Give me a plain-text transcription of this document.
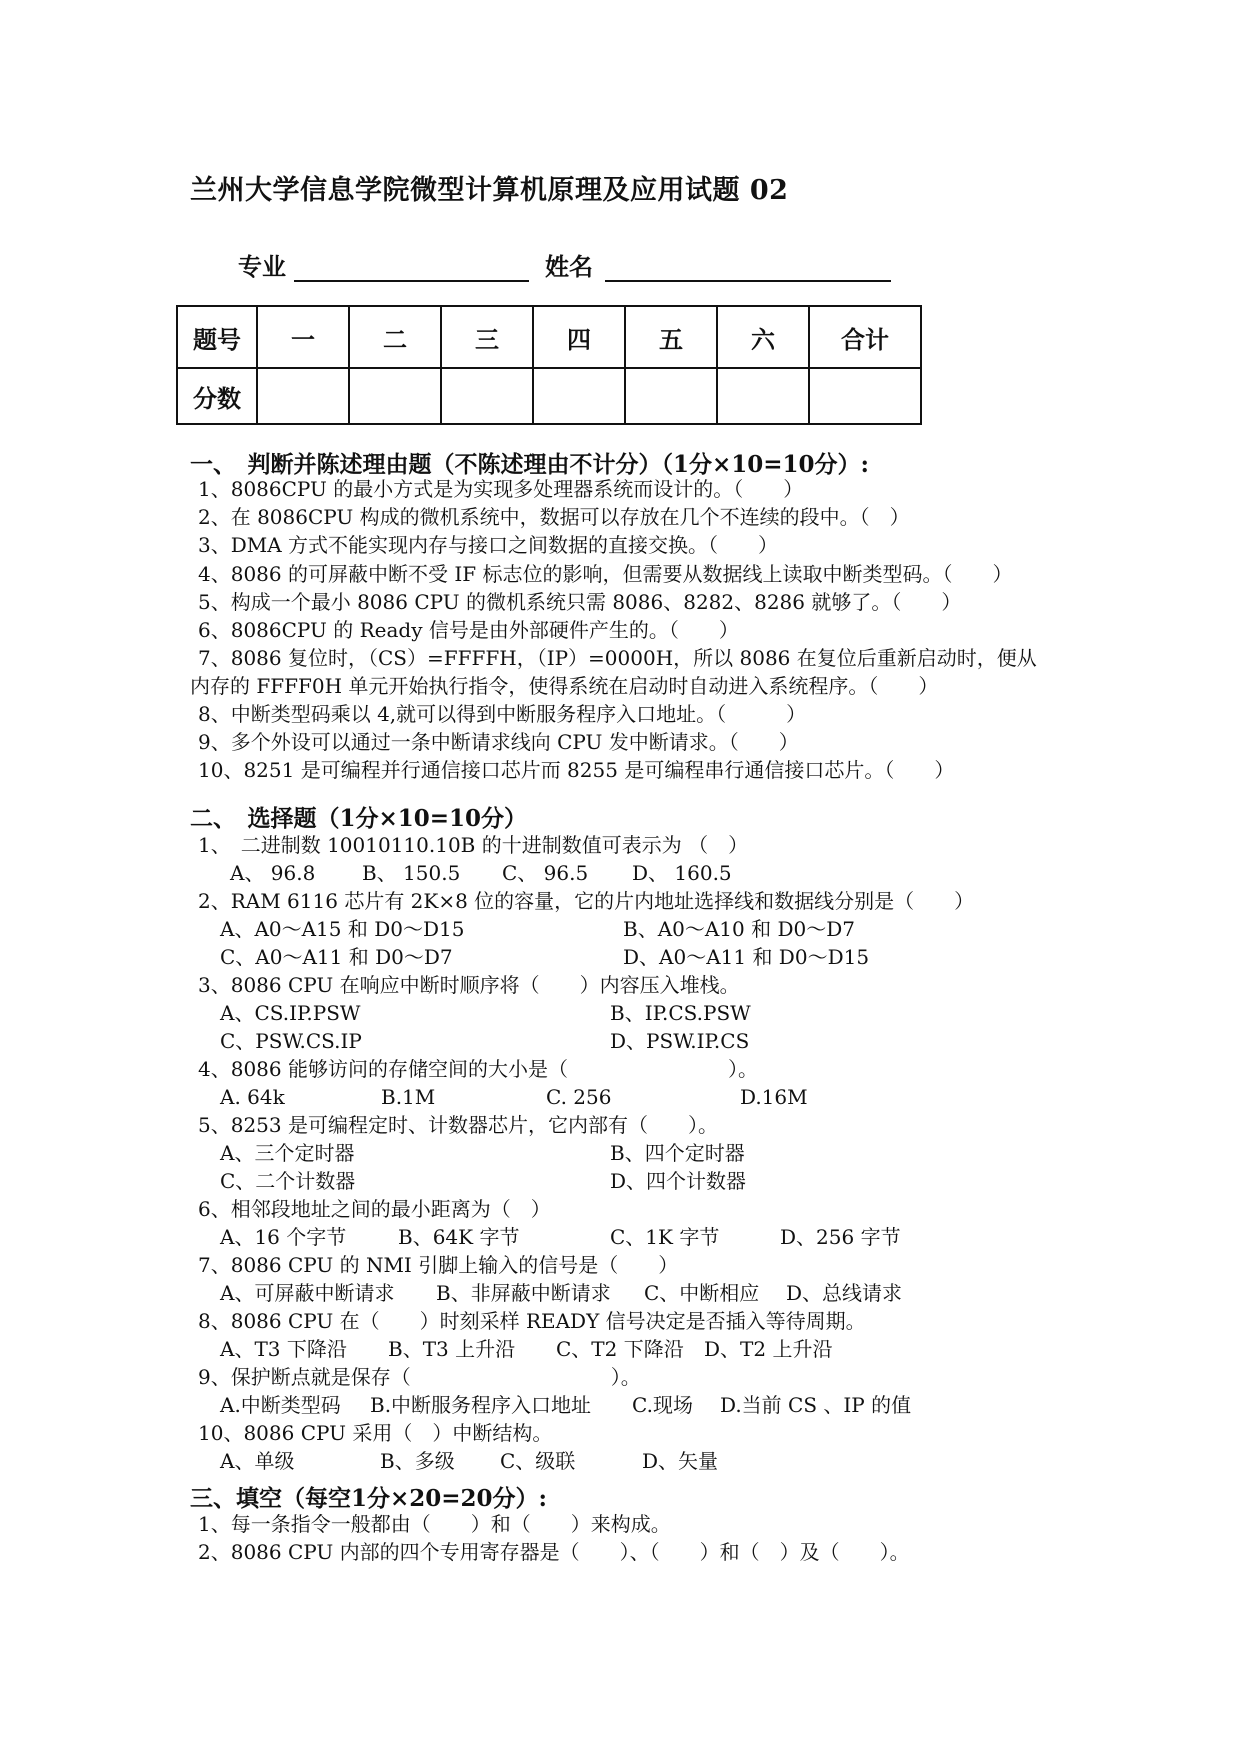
兰州大学信息学院微型计算机原理及应用试题 02
专业	姓名
题号	一	二	三	四	五	六	合计
分数							
一、　判断并陈述理由题（不陈述理由不计分）（1分×10=10分）:
1、8086CPU 的最小方式是为实现多处理器系统而设计的。（　　）
2、在 8086CPU 构成的微机系统中，数据可以存放在几个不连续的段中。（　）
3、DMA 方式不能实现内存与接口之间数据的直接交换。（　　）
4、8086 的可屏蔽中断不受 IF 标志位的影响，但需要从数据线上读取中断类型码。（　　）
5、构成一个最小 8086 CPU 的微机系统只需 8086、8282、8286 就够了。（　　）
6、8086CPU 的 Ready 信号是由外部硬件产生的。（　　）
7、8086 复位时，（CS）=FFFFH，（IP）=0000H，所以 8086 在复位后重新启动时，便从
内存的 FFFF0H 单元开始执行指令，使得系统在启动时自动进入系统程序。（　　）
8、中断类型码乘以 4,就可以得到中断服务程序入口地址。（　　　）
9、多个外设可以通过一条中断请求线向 CPU 发中断请求。（　　）
10、8251 是可编程并行通信接口芯片而 8255 是可编程串行通信接口芯片。（　　）
二、　选择题（1分×10=10分）
1、　二进制数 10010110.10B 的十进制数值可表示为 （　）
A、 96.8 B、 150.5 C、 96.5 D、 160.5
2、RAM 6116 芯片有 2K×8 位的容量，它的片内地址选择线和数据线分别是（　　）
A、A0～A15 和 D0～D15	B、A0～A10 和 D0～D7
C、A0～A11 和 D0～D7	D、A0～A11 和 D0～D15
3、8086 CPU 在响应中断时顺序将（　　）内容压入堆栈。
A、CS.IP.PSW	B、IP.CS.PSW
C、PSW.CS.IP	D、PSW.IP.CS
4、8086 能够访问的存储空间的大小是（　　　　　　　　）。
A. 64k	B.1M	C. 256	D.16M
5、8253 是可编程定时、计数器芯片，它内部有（　　）。
A、三个定时器	B、四个定时器
C、二个计数器	D、四个计数器
6、相邻段地址之间的最小距离为（　）
A、16 个字节	B、64K 字节	C、1K 字节	D、256 字节
7、8086 CPU 的 NMI 引脚上输入的信号是（　　）
A、可屏蔽中断请求 B、非屏蔽中断请求 C、中断相应 D、总线请求
8、8086 CPU 在（　　）时刻采样 READY 信号决定是否插入等待周期。
A、T3 下降沿 B、T3 上升沿 C、T2 下降沿 D、T2 上升沿
9、保护断点就是保存（　　　　　　　　　　）。
A.中断类型码 B.中断服务程序入口地址 C.现场 D.当前 CS 、IP 的值
10、8086 CPU 采用（　）中断结构。
A、单级	B、多级 C、级联	D、矢量
三、填空（每空1分×20=20分）:
1、每一条指令一般都由（　　）和（　　）来构成。
2、8086 CPU 内部的四个专用寄存器是（　　）、（　　）和（　）及（　　）。
